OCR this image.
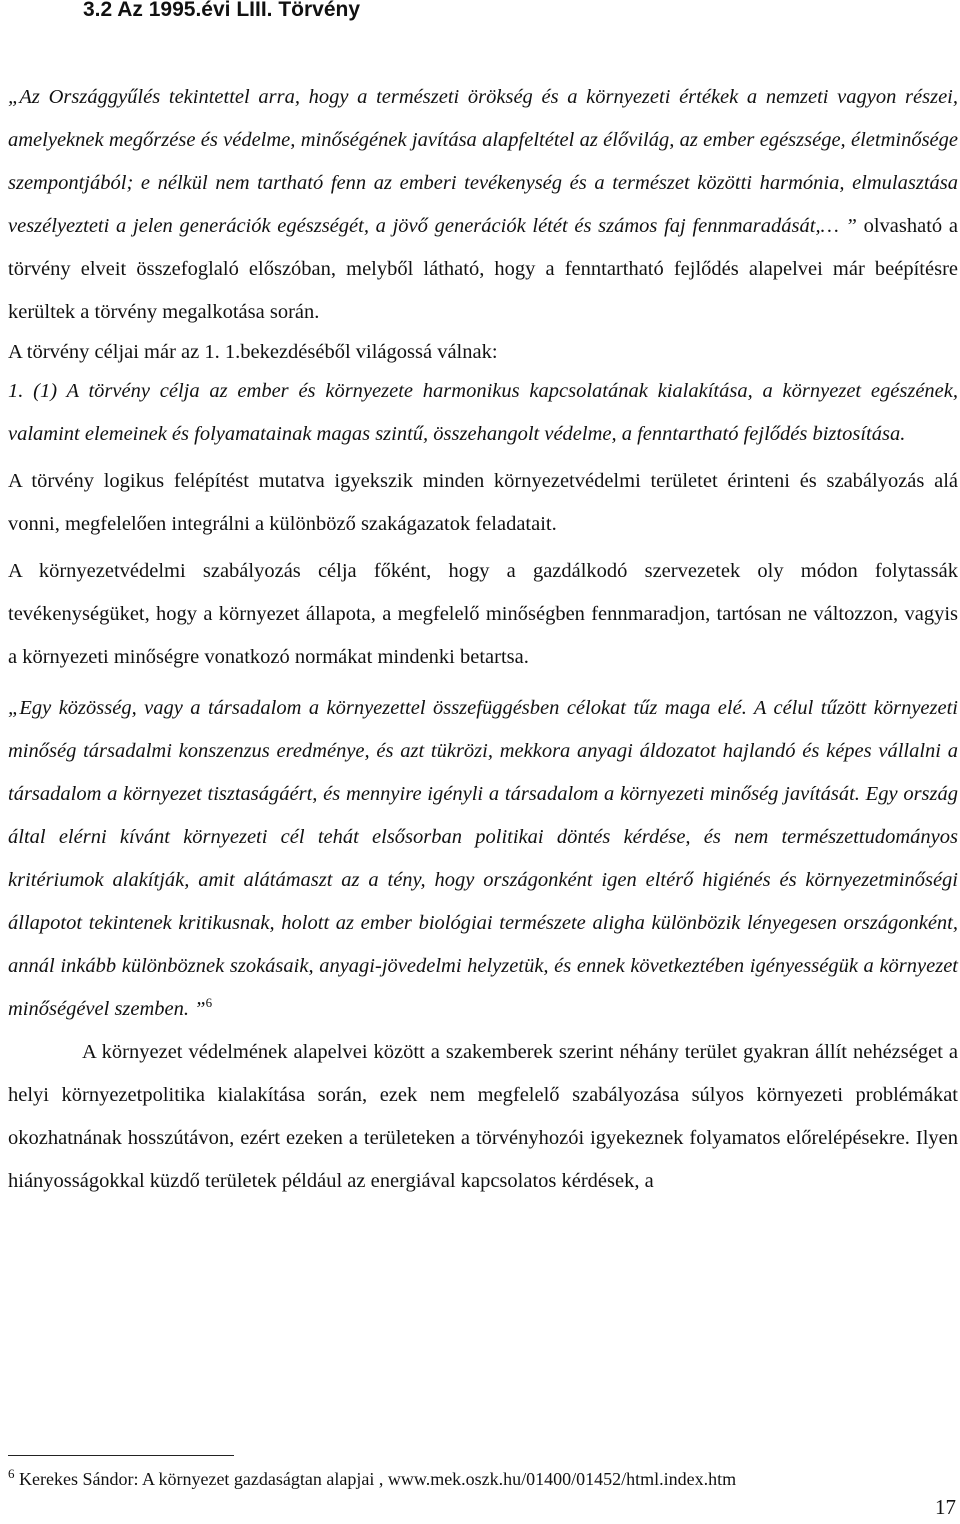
3.2 Az 1995.évi LIII. Törvény

„Az Országgyűlés tekintettel arra, hogy a természeti örökség és a környezeti értékek a nemzeti vagyon részei, amelyeknek megőrzése és védelme, minőségének javítása alapfeltétel az élővilág, az ember egészsége, életminősége szempontjából; e nélkül nem tartható fenn az emberi tevékenység és a természet közötti harmónia, elmulasztása veszélyezteti a jelen generációk egészségét, a jövő generációk létét és számos faj fennmaradását,… ” olvasható a törvény elveit összefoglaló előszóban, melyből látható, hogy a fenntartható fejlődés alapelvei már beépítésre kerültek a törvény megalkotása során.

A törvény céljai már az 1. 1.bekezdéséből világossá válnak:

1. (1) A törvény célja az ember és környezete harmonikus kapcsolatának kialakítása, a környezet egészének, valamint elemeinek és folyamatainak magas szintű, összehangolt védelme, a fenntartható fejlődés biztosítása.

A törvény logikus felépítést mutatva igyekszik minden környezetvédelmi területet érinteni és szabályozás alá vonni, megfelelően integrálni a különböző szakágazatok feladatait.

A környezetvédelmi szabályozás célja főként, hogy a gazdálkodó szervezetek oly módon folytassák tevékenységüket, hogy a környezet állapota, a megfelelő minőségben fennmaradjon, tartósan ne változzon, vagyis a környezeti minőségre vonatkozó normákat mindenki betartsa.

„Egy közösség, vagy a társadalom a környezettel összefüggésben célokat tűz maga elé. A célul tűzött környezeti minőség társadalmi konszenzus eredménye, és azt tükrözi, mekkora anyagi áldozatot hajlandó és képes vállalni a társadalom a környezet tisztaságáért, és mennyire igényli a társadalom a környezeti minőség javítását. Egy ország által elérni kívánt környezeti cél tehát elsősorban politikai döntés kérdése, és nem természettudományos kritériumok alakítják, amit alátámaszt az a tény, hogy országonként igen eltérő higiénés és környezetminőségi állapotot tekintenek kritikusnak, holott az ember biológiai természete aligha különbözik lényegesen országonként, annál inkább különböznek szokásaik, anyagi-jövedelmi helyzetük, és ennek következtében igényességük a környezet minőségével szemben. ”$^6$

A környezet védelmének alapelvei között a szakemberek szerint néhány terület gyakran állít nehézséget a helyi környezetpolitika kialakítása során, ezek nem megfelelő szabályozása súlyos környezeti problémákat okozhatnának hosszútávon, ezért ezeken a területeken a törvényhozói igyekeznek folyamatos előrelépésekre. Ilyen hiányosságokkal küzdő területek például az energiával kapcsolatos kérdések, a

$^6$ Kerekes Sándor: A környezet gazdaságtan alapjai , www.mek.oszk.hu/01400/01452/html.index.htm
17
